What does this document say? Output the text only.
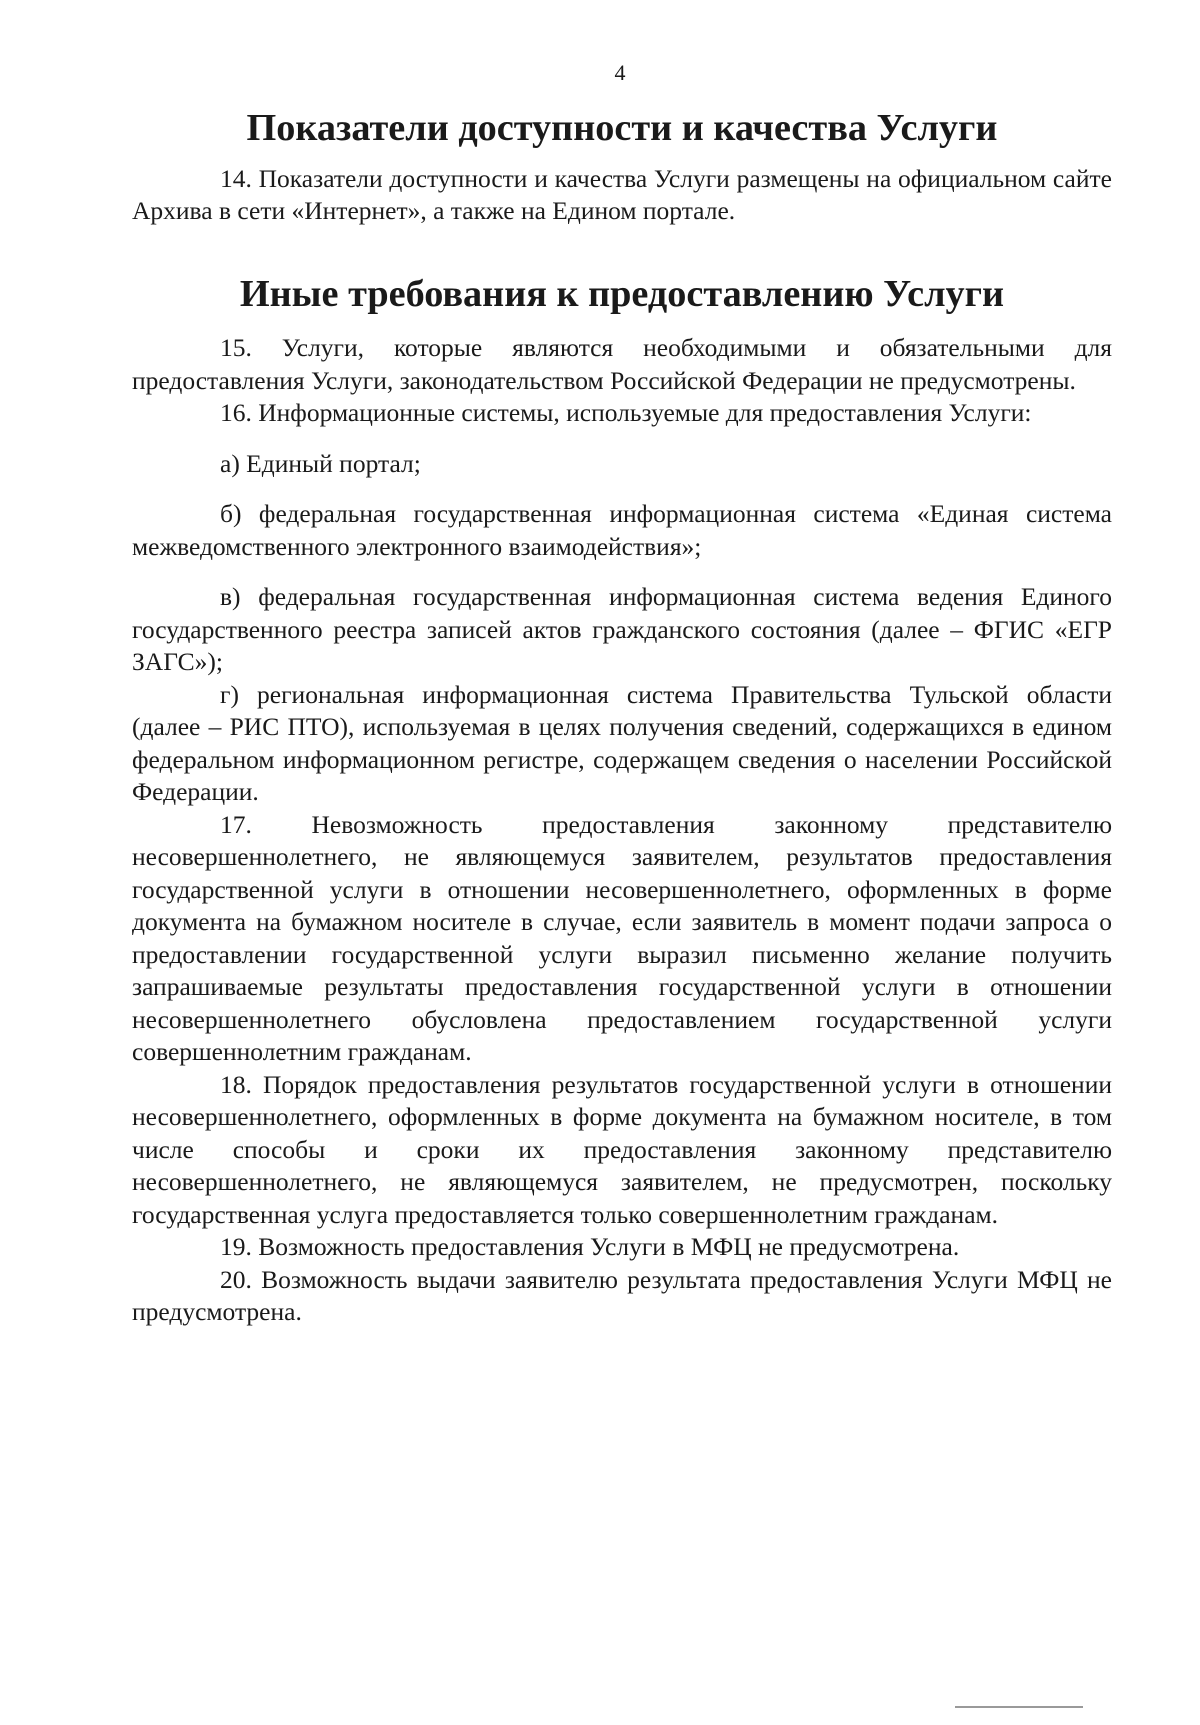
4
Показатели доступности и качества Услуги

14. Показатели доступности и качества Услуги размещены на официальном сайте Архива в сети «Интернет», а также на Едином портале.

Иные требования к предоставлению Услуги

15. Услуги, которые являются необходимыми и обязательными для предоставления Услуги, законодательством Российской Федерации не предусмотрены.

16. Информационные системы, используемые для предоставления Услуги:

а) Единый портал;

б) федеральная государственная информационная система «Единая система межведомственного электронного взаимодействия»;

в) федеральная государственная информационная система ведения Единого государственного реестра записей актов гражданского состояния (далее – ФГИС «ЕГР ЗАГС»);

г) региональная информационная система Правительства Тульской области (далее – РИС ПТО), используемая в целях получения сведений, содержащихся в едином федеральном информационном регистре, содержащем сведения о населении Российской Федерации.

17. Невозможность предоставления законному представителю несовершеннолетнего, не являющемуся заявителем, результатов предоставления государственной услуги в отношении несовершеннолетнего, оформленных в форме документа на бумажном носителе в случае, если заявитель в момент подачи запроса о предоставлении государственной услуги выразил письменно желание получить запрашиваемые результаты предоставления государственной услуги в отношении несовершеннолетнего обусловлена предоставлением государственной услуги совершеннолетним гражданам.

18. Порядок предоставления результатов государственной услуги в отношении несовершеннолетнего, оформленных в форме документа на бумажном носителе, в том числе способы и сроки их предоставления законному представителю несовершеннолетнего, не являющемуся заявителем, не предусмотрен, поскольку государственная услуга предоставляется только совершеннолетним гражданам.

19. Возможность предоставления Услуги в МФЦ не предусмотрена.

20. Возможность выдачи заявителю результата предоставления Услуги МФЦ не предусмотрена.
